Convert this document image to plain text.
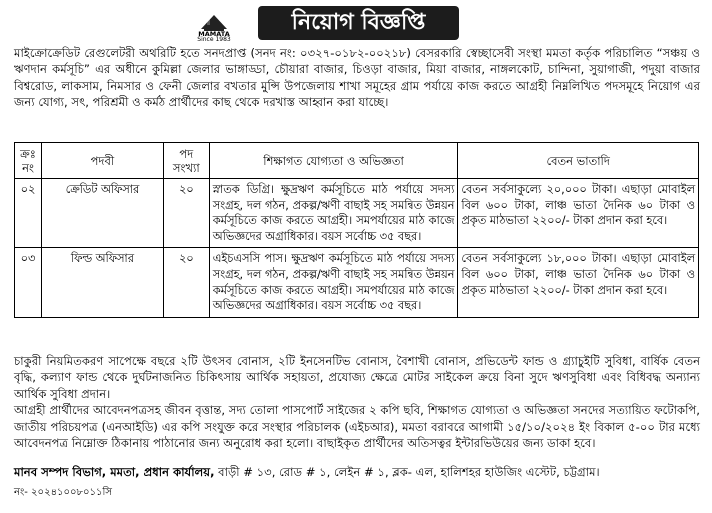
MAMATA
Since 1983
নিয়োগ বিজ্ঞপ্তি
মাইক্রোক্রেডিট রেগুলেটরী অথরিটি হতে সনদপ্রাপ্ত (সনদ নং: ০৩২৭-০১৮২-০০২১৮) বেসরকারি স্বেচ্ছাসেবী সংস্থা মমতা কর্তৃক পরিচালিত “সঞ্চয় ও ঋণদান কর্মসূচি” এর অধীনে কুমিল্লা জেলার ভাঙ্গাড্ডা, চৌয়ারা বাজার, চিওড়া বাজার, মিয়া বাজার, নাঙ্গলকোট, চান্দিনা, সুয়াগাজী, পদুয়া বাজার বিশ্বরোড, লাকসাম, নিমসার ও ফেনী জেলার বখতার মুন্সি উপজেলায় শাখা সমূহের গ্রাম পর্যায়ে কাজ করতে আগ্রহী নিম্নলিখিত পদসমূহে নিয়োগ এর জন্য যোগ্য, সৎ, পরিশ্রমী ও কর্মঠ প্রার্থীদের কাছ থেকে দরখাস্ত আহ্বান করা যাচ্ছে।
ক্রঃ নং	পদবী	পদ সংখ্যা	শিক্ষাগত যোগ্যতা ও অভিজ্ঞতা	বেতন ভাতাদি
০২	ক্রেডিট অফিসার	২০	স্নাতক ডিগ্রি। ক্ষুদ্রঋণ কর্মসূচিতে মাঠ পর্যায়ে সদস্য সংগ্রহ, দল গঠন, প্রকল্প/ঋণী বাছাই সহ সমন্বিত উন্নয়ন কর্মসূচিতে কাজ করতে আগ্রহী। সমপর্যায়ের মাঠ কাজে অভিজ্ঞদের অগ্রাধিকার। বয়স সর্বোচ্চ ৩৫ বছর।	বেতন সর্বসাকুল্যে ২০,০০০ টাকা। এছাড়া মোবাইল বিল ৬০০ টাকা, লাঞ্চ ভাতা দৈনিক ৬০ টাকা ও প্রকৃত মাঠভাতা ২২০০/- টাকা প্রদান করা হবে।
০৩	ফিল্ড অফিসার	২০	এইচএসসি পাস। ক্ষুদ্রঋণ কর্মসূচিতে মাঠ পর্যায়ে সদস্য সংগ্রহ, দল গঠন, প্রকল্প/ঋণী বাছাই সহ সমন্বিত উন্নয়ন কর্মসূচিতে কাজ করতে আগ্রহী। সমপর্যায়ের মাঠ কাজে অভিজ্ঞদের অগ্রাধিকার। বয়স সর্বোচ্চ ৩৫ বছর।	বেতন সর্বসাকুল্যে ১৮,০০০ টাকা। এছাড়া মোবাইল বিল ৬০০ টাকা, লাঞ্চ ভাতা দৈনিক ৬০ টাকা ও প্রকৃত মাঠভাতা ২২০০/- টাকা প্রদান করা হবে।

চাকুরী নিয়মিতকরণ সাপেক্ষে বছরে ২টি উৎসব বোনাস, ২টি ইনসেনটিভ বোনাস, বৈশাখী বোনাস, প্রভিডেন্ট ফান্ড ও গ্র্যাচুইটি সুবিধা, বার্ষিক বেতন বৃদ্ধি, কল্যাণ ফান্ড থেকে দুর্ঘটনাজনিত চিকিৎসায় আর্থিক সহায়তা, প্রযোজ্য ক্ষেত্রে মোটর সাইকেল ক্রয়ে বিনা সুদে ঋণসুবিধা এবং বিধিবদ্ধ অন্যান্য আর্থিক সুবিধা প্রদান।

আগ্রহী প্রার্থীদের আবেদনপত্রসহ জীবন বৃত্তান্ত, সদ্য তোলা পাসপোর্ট সাইজের ২ কপি ছবি, শিক্ষাগত যোগ্যতা ও অভিজ্ঞতা সনদের সত্যায়িত ফটোকপি, জাতীয় পরিচয়পত্র (এনআইডি) এর কপি সংযুক্ত করে সংস্থার পরিচালক (এইচআর), মমতা বরাবরে আগামী ১৫/১০/২০২৪ ইং বিকাল ৫-০০ টার মধ্যে আবেদনপত্র নিম্নোক্ত ঠিকানায় পাঠানোর জন্য অনুরোধ করা হলো। বাছাইকৃত প্রার্থীদের অতিসত্বর ইন্টারভিউয়ের জন্য ডাকা হবে।

মানব সম্পদ বিভাগ, মমতা, প্রধান কার্যালয়, বাড়ী # ১৩, রোড # ১, লেইন # ১, ব্লক- এল, হালিশহর হাউজিং এস্টেট, চট্টগ্রাম।
নং- ২০২৪১০০৮০১১সি
